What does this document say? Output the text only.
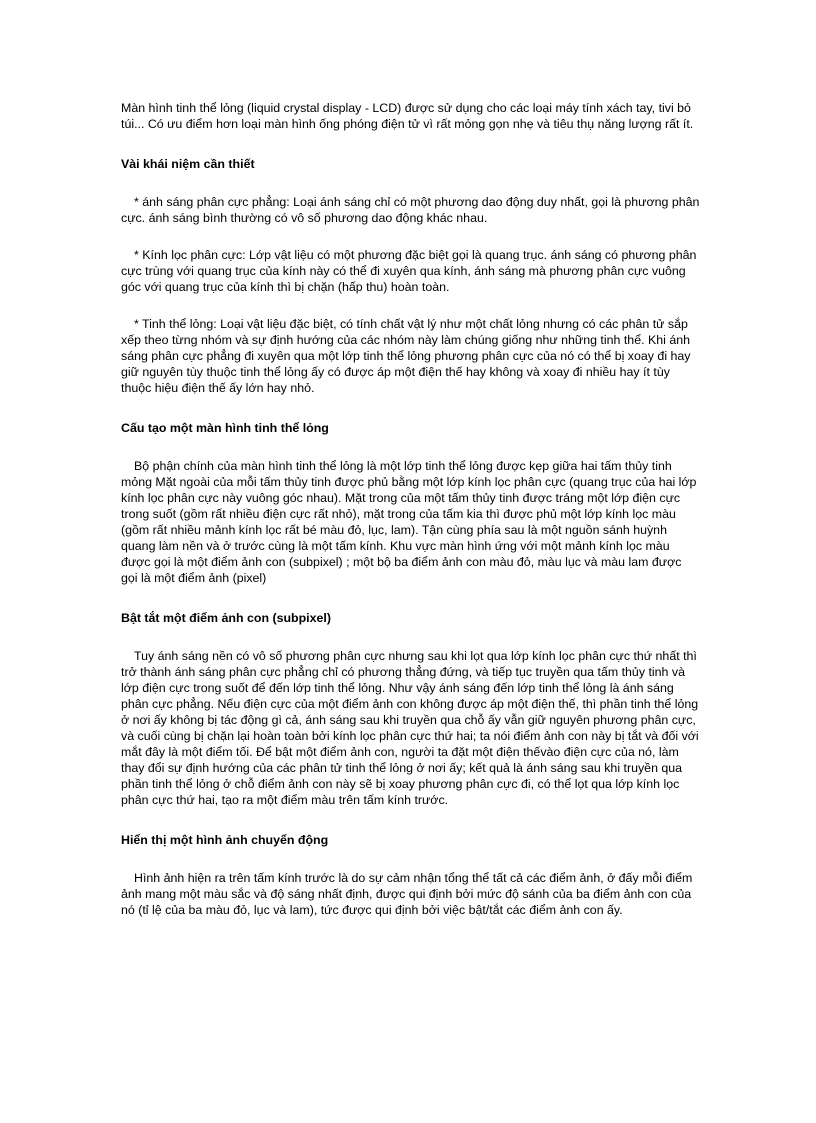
Màn hình tinh thể lỏng (liquid crystal display - LCD) được sử dụng cho các loại máy tính xách tay, tivi bỏ túi... Có ưu điểm hơn loại màn hình ống phóng điện tử vì rất mỏng gọn nhẹ và tiêu thụ năng lượng rất ít.

Vài khái niệm cần thiết

* ánh sáng phân cực phẳng: Loại ánh sáng chỉ có một phương dao động duy nhất, gọi là phương phân cực. ánh sáng bình thường có vô số phương dao động khác nhau.

* Kính lọc phân cực: Lớp vật liệu có một phương đặc biệt gọi là quang trục. ánh sáng có phương phân cực trùng với quang trục của kính này có thể đi xuyên qua kính, ánh sáng mà phương phân cực vuông góc với quang trục của kính thì bị chặn (hấp thu) hoàn toàn.

* Tinh thể lỏng: Loại vật liệu đặc biệt, có tính chất vật lý như một chất lỏng nhưng có các phân tử sắp xếp theo từng nhóm và sự định hướng của các nhóm này làm chúng giống như những tinh thể. Khi ánh sáng phân cực phẳng đi xuyên qua một lớp tinh thể lỏng phương phân cực của nó có thể bị xoay đi hay giữ nguyên tùy thuộc tinh thể lỏng ấy có được áp một điện thế hay không và xoay đi nhiều hay ít tùy thuộc hiệu điện thế ấy lớn hay nhỏ.

Cấu tạo một màn hình tinh thể lỏng

Bộ phận chính của màn hình tinh thể lỏng là một lớp tinh thể lỏng được kẹp giữa hai tấm thủy tinh mỏng Mặt ngoài của mỗi tấm thủy tinh được phủ bằng một lớp kính lọc phân cực (quang trục của hai lớp kính lọc phân cực này vuông góc nhau). Mặt trong của một tấm thủy tinh được tráng một lớp điện cực trong suốt (gồm rất nhiều điện cực rất nhỏ), mặt trong của tấm kia thì được phủ một lớp kính lọc màu (gồm rất nhiều mảnh kính lọc rất bé màu đỏ, lục, lam). Tận cùng phía sau là một nguồn sánh huỳnh quang làm nền và ở trước cùng là một tấm kính. Khu vực màn hình ứng với một mảnh kính lọc màu được gọi là một điểm ảnh con (subpixel) ; một bộ ba điểm ảnh con màu đỏ, màu lục và màu lam được gọi là một điểm ảnh (pixel)

Bật tắt một điểm ảnh con (subpixel)

Tuy ánh sáng nền có vô số phương phân cực nhưng sau khi lọt qua lớp kính lọc phân cực thứ nhất thì trở thành ánh sáng phân cực phẳng chỉ có phương thẳng đứng, và tiếp tục truyền qua tấm thủy tinh và lớp điện cực trong suốt để đến lớp tinh thể lỏng. Như vậy ánh sáng đến lớp tinh thể lỏng là ánh sáng phân cực phẳng. Nếu điện cực của một điểm ảnh con không được áp một điện thế, thì phần tinh thể lỏng ở nơi ấy không bị tác động gì cả, ánh sáng sau khi truyền qua chỗ ấy vẫn giữ nguyên phương phân cực, và cuối cùng bị chặn lại hoàn toàn bởi kính lọc phân cực thứ hai; ta nói điểm ảnh con này bị tắt và đối với mắt đây là một điểm tối. Để bật một điểm ảnh con, người ta đặt một điện thếvào điện cực của nó, làm thay đổi sự định hướng của các phân tử tinh thể lỏng ở nơi ấy; kết quả là ánh sáng sau khi truyền qua phần tinh thể lỏng ở chỗ điểm ảnh con này sẽ bị xoay phương phân cực đi, có thể lọt qua lớp kính lọc phân cực thứ hai, tạo ra một điểm màu trên tấm kính trước.

Hiển thị một hình ảnh chuyển động

Hình ảnh hiện ra trên tấm kính trước là do sự cảm nhận tổng thể tất cả các điểm ảnh, ở đấy mỗi điểm ảnh mang một màu sắc và độ sáng nhất định, được qui định bởi mức độ sánh của ba điểm ảnh con của nó (tỉ lệ của ba màu đỏ, lục và lam), tức được qui định bởi việc bật/tắt các điểm ảnh con ấy.
